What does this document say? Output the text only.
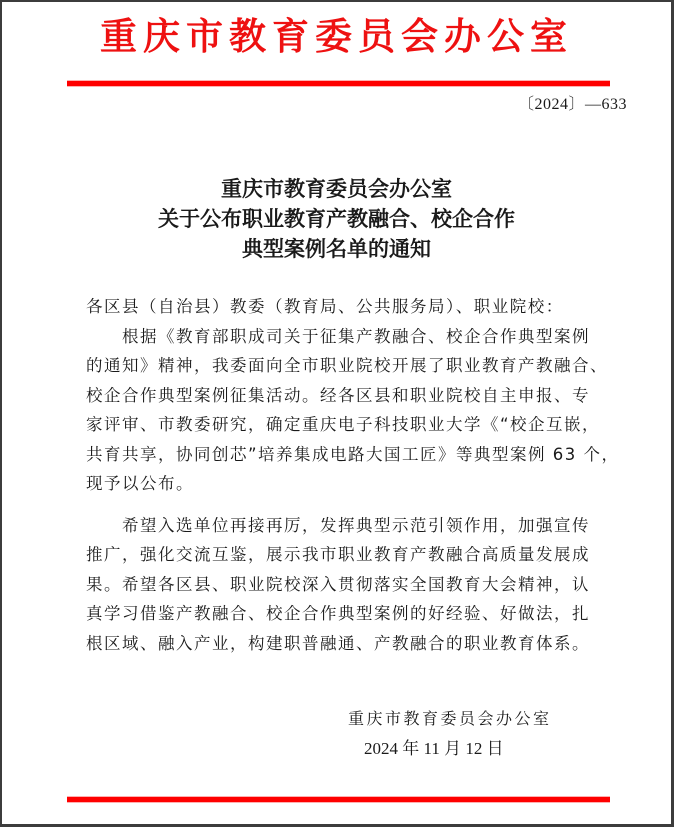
重庆市教育委员会办公室
〔2024〕—633
重庆市教育委员会办公室
关于公布职业教育产教融合、校企合作
典型案例名单的通知
各区县（自治县）教委（教育局、公共服务局）、职业院校：
　　根据《教育部职成司关于征集产教融合、校企合作典型案例
的通知》精神，我委面向全市职业院校开展了职业教育产教融合、
校企合作典型案例征集活动。经各区县和职业院校自主申报、专
家评审、市教委研究，确定重庆电子科技职业大学《“校企互嵌，
共育共享，协同创芯”培养集成电路大国工匠》等典型案例 63 个，
现予以公布。
　　希望入选单位再接再厉，发挥典型示范引领作用，加强宣传
推广，强化交流互鉴，展示我市职业教育产教融合高质量发展成
果。希望各区县、职业院校深入贯彻落实全国教育大会精神，认
真学习借鉴产教融合、校企合作典型案例的好经验、好做法，扎
根区域、融入产业，构建职普融通、产教融合的职业教育体系。
重庆市教育委员会办公室
2024 年 11 月 12 日
